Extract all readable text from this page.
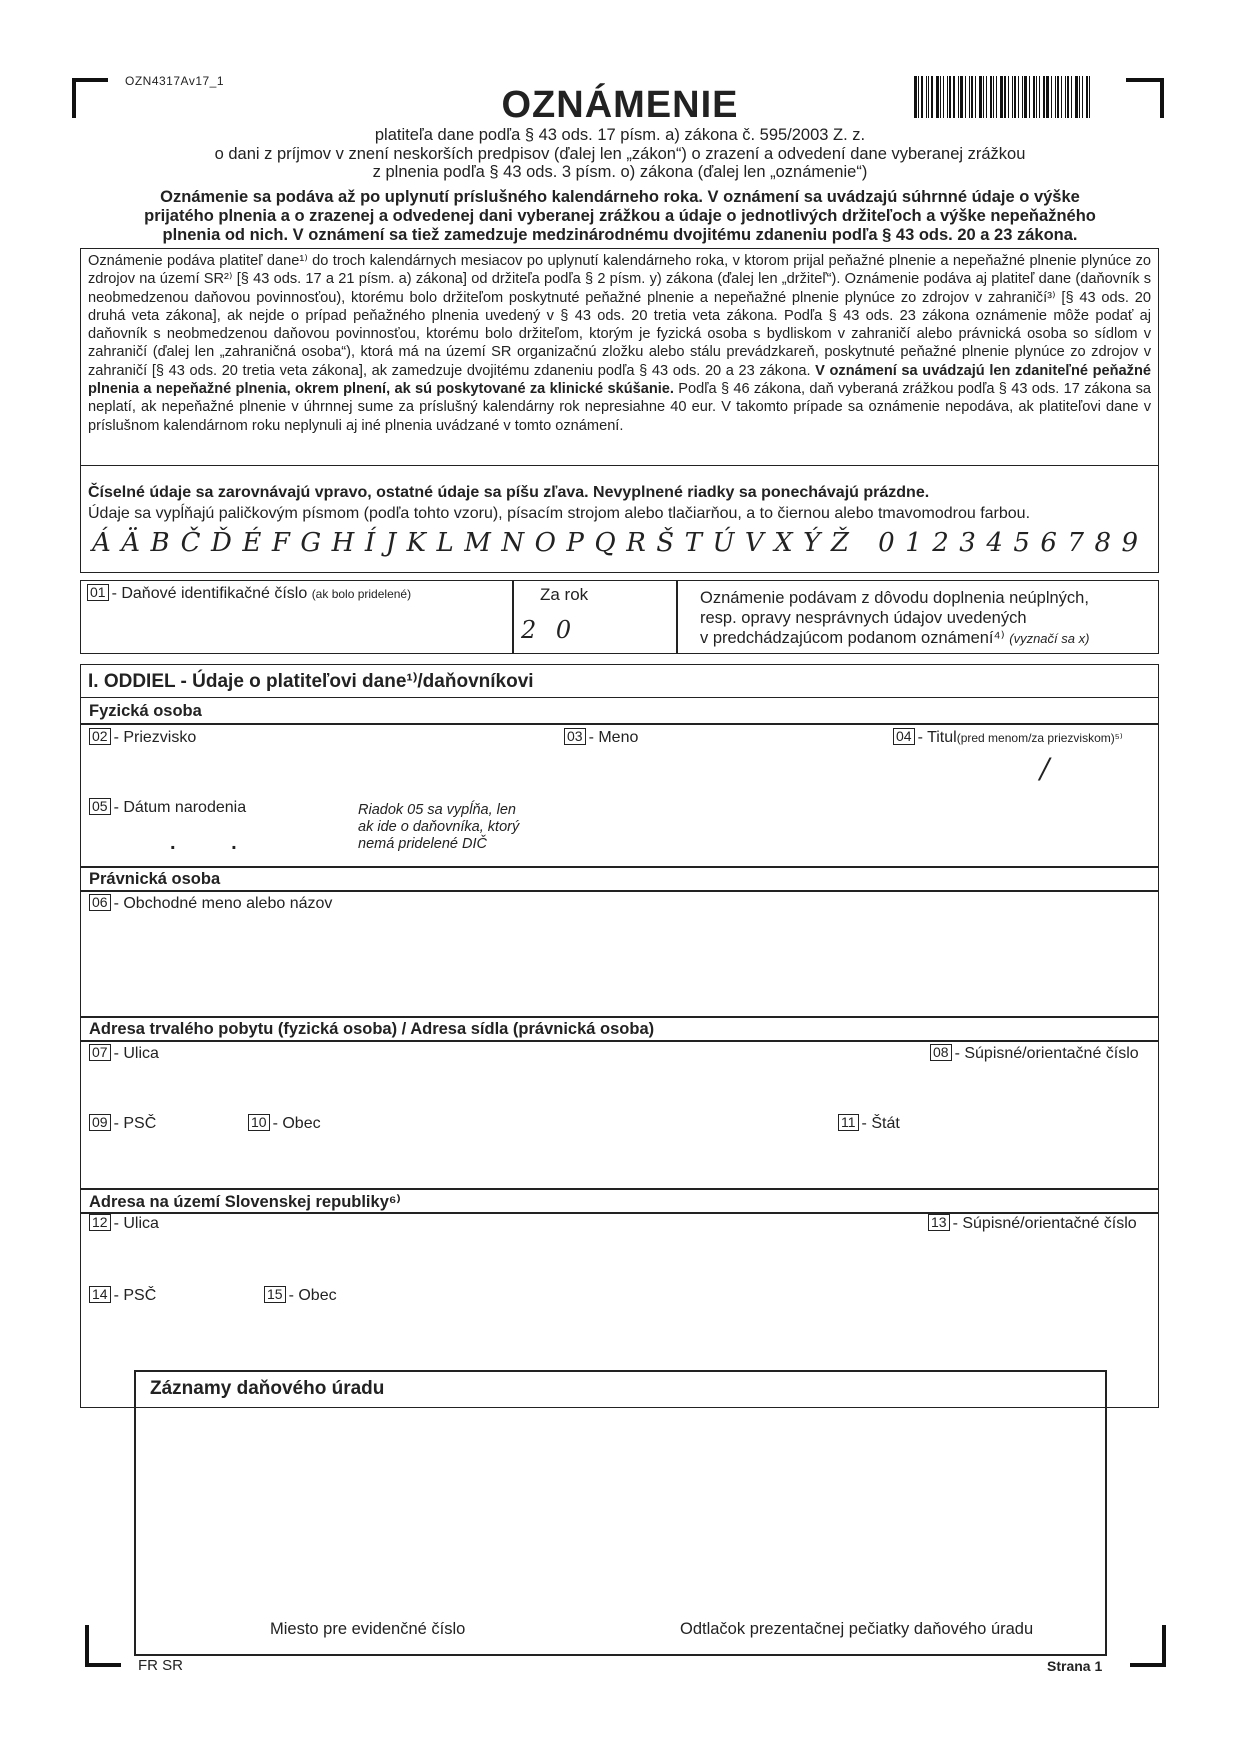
OZN4317Av17_1
OZNÁMENIE
platiteľa dane podľa § 43 ods. 17 písm. a) zákona č. 595/2003 Z. z.
o dani z príjmov v znení neskorších predpisov (ďalej len „zákon“) o zrazení a odvedení dane vyberanej zrážkou
z plnenia podľa § 43 ods. 3 písm. o) zákona (ďalej len „oznámenie“)
Oznámenie sa podáva až po uplynutí príslušného kalendárneho roka. V oznámení sa uvádzajú súhrnné údaje o výške
prijatého plnenia a o zrazenej a odvedenej dani vyberanej zrážkou a údaje o jednotlivých držiteľoch a výške nepeňažného
plnenia od nich. V oznámení sa tiež zamedzuje medzinárodnému dvojitému zdaneniu podľa § 43 ods. 20 a 23 zákona.
Oznámenie podáva platiteľ dane¹⁾ do troch kalendárnych mesiacov po uplynutí kalendárneho roka, v ktorom prijal peňažné plnenie a nepeňažné plnenie plynúce zo zdrojov na území SR²⁾ [§ 43 ods. 17 a 21 písm. a) zákona] od držiteľa podľa § 2 písm. y) zákona (ďalej len „držiteľ“). Oznámenie podáva aj platiteľ dane (daňovník s neobmedzenou daňovou povinnosťou), ktorému bolo držiteľom poskytnuté peňažné plnenie a nepeňažné plnenie plynúce zo zdrojov v zahraničí³⁾ [§ 43 ods. 20 druhá veta zákona], ak nejde o prípad peňažného plnenia uvedený v § 43 ods. 20 tretia veta zákona. Podľa § 43 ods. 23 zákona oznámenie môže podať aj daňovník s neobmedzenou daňovou povinnosťou, ktorému bolo držiteľom, ktorým je fyzická osoba s bydliskom v zahraničí alebo právnická osoba so sídlom v zahraničí (ďalej len „zahraničná osoba“), ktorá má na území SR organizačnú zložku alebo stálu prevádzkareň, poskytnuté peňažné plnenie plynúce zo zdrojov v zahraničí [§ 43 ods. 20 tretia veta zákona], ak zamedzuje dvojitému zdaneniu podľa § 43 ods. 20 a 23 zákona. V oznámení sa uvádzajú len zdaniteľné peňažné plnenia a nepeňažné plnenia, okrem plnení, ak sú poskytované za klinické skúšanie. Podľa § 46 zákona, daň vyberaná zrážkou podľa § 43 ods. 17 zákona sa neplatí, ak nepeňažné plnenie v úhrnnej sume za príslušný kalendárny rok nepresiahne 40 eur. V takomto prípade sa oznámenie nepodáva, ak platiteľovi dane v príslušnom kalendárnom roku neplynuli aj iné plnenia uvádzané v tomto oznámení.
Číselné údaje sa zarovnávajú vpravo, ostatné údaje sa píšu zľava. Nevyplnené riadky sa ponechávajú prázdne.
Údaje sa vypĺňajú paličkovým písmom (podľa tohto vzoru), písacím strojom alebo tlačiarňou, a to čiernou alebo tmavomodrou farbou.
ÁÄBČĎÉFGHÍJKLMNOPQRŠTÚVXÝŽ 0123456789
01 - Daňové identifikačné číslo (ak bolo pridelené)	Za rok
2 0
Oznámenie podávam z dôvodu doplnenia neúplných,
resp. opravy nesprávnych údajov uvedených
v predchádzajúcom podanom oznámení⁴⁾ (vyznačí sa x)
I. ODDIEL - Údaje o platiteľovi dane¹⁾/daňovníkovi
Fyzická osoba
02 - Priezvisko	03 - Meno	04 - Titul(pred menom/za priezviskom)⁵⁾
/
05 - Dátum narodenia	Riadok 05 sa vypĺňa, len
ak ide o daňovníka, ktorý
nemá pridelené DIČ
.          .
Právnická osoba
06 - Obchodné meno alebo názov
Adresa trvalého pobytu (fyzická osoba) / Adresa sídla (právnická osoba)
07 - Ulica	08 - Súpisné/orientačné číslo
09 - PSČ	10 - Obec	11 - Štát
Adresa na území Slovenskej republiky⁶⁾
12 - Ulica	13 - Súpisné/orientačné číslo
14 - PSČ	15 - Obec
Záznamy daňového úradu
Miesto pre evidenčné číslo	Odtlačok prezentačnej pečiatky daňového úradu
FR SR	Strana 1
